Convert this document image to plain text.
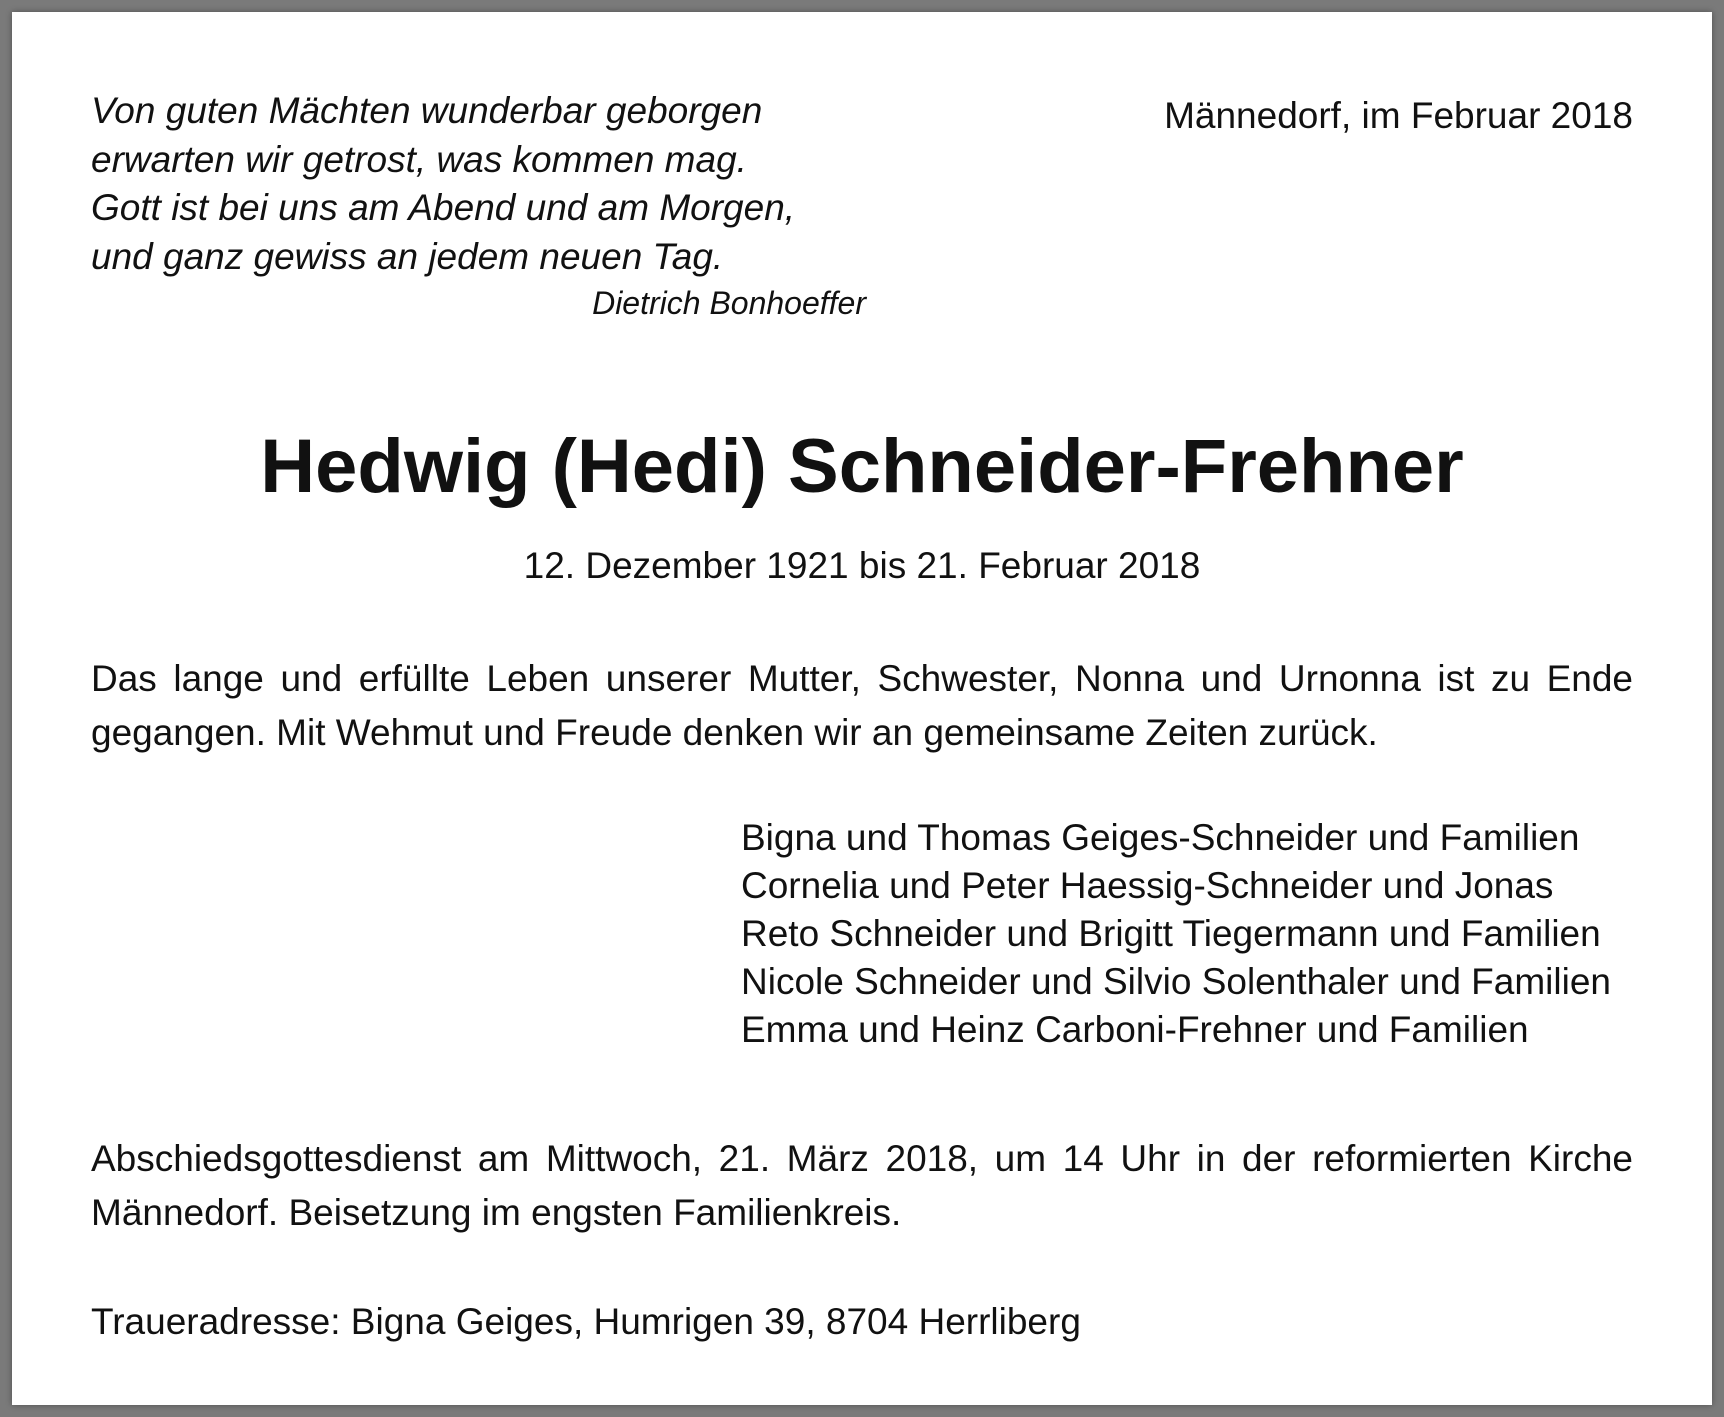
Von guten Mächten wunderbar geborgen
erwarten wir getrost, was kommen mag.
Gott ist bei uns am Abend und am Morgen,
und ganz gewiss an jedem neuen Tag.
Dietrich Bonhoeffer
Männedorf, im Februar 2018
Hedwig (Hedi) Schneider-Frehner
12. Dezember 1921 bis 21. Februar 2018
Das lange und erfüllte Leben unserer Mutter, Schwester, Nonna und Urnonna ist zu Ende gegangen. Mit Wehmut und Freude denken wir an gemeinsame Zeiten zurück.
Bigna und Thomas Geiges-Schneider und Familien
Cornelia und Peter Haessig-Schneider und Jonas
Reto Schneider und Brigitt Tiegermann und Familien
Nicole Schneider und Silvio Solenthaler und Familien
Emma und Heinz Carboni-Frehner und Familien
Abschiedsgottesdienst am Mittwoch, 21. März 2018, um 14 Uhr in der reformierten Kirche Männedorf. Beisetzung im engsten Familienkreis.
Traueradresse: Bigna Geiges, Humrigen 39, 8704 Herrliberg
